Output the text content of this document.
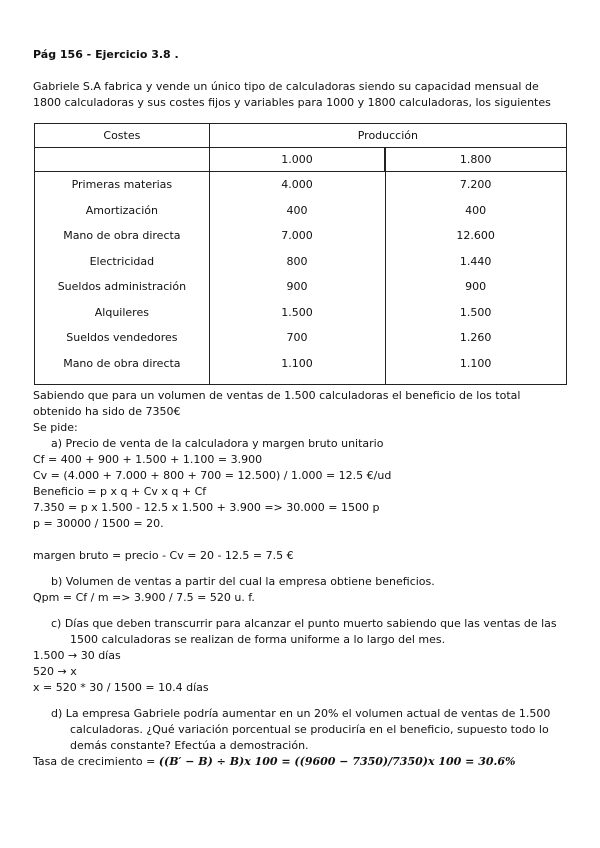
Pág 156 - Ejercicio 3.8 .
Gabriele S.A fabrica y vende un único tipo de calculadoras siendo su capacidad mensual de 1800 calculadoras y sus costes fijos y variables para 1000 y 1800 calculadoras, los siguientes
Costes	Producción	
	1.000	1.800
Primeras materias	4.000	7.200
Amortización	400	400
Mano de obra directa	7.000	12.600
Electricidad	800	1.440
Sueldos administración	900	900
Alquileres	1.500	1.500
Sueldos vendedores	700	1.260
Mano de obra directa	1.100	1.100
Sabiendo que para un volumen de ventas de 1.500 calculadoras el beneficio de los total obtenido ha sido de 7350€
Se pide:
a) Precio de venta de la calculadora y margen bruto unitario
Cf = 400 + 900 + 1.500 + 1.100 = 3.900
Cv = (4.000 + 7.000 + 800 + 700 = 12.500) / 1.000 = 12.5 €/ud
Beneficio = p x q + Cv x q + Cf
7.350 = p x 1.500 - 12.5 x 1.500 + 3.900 => 30.000 = 1500 p
p = 30000 / 1500 = 20.
margen bruto = precio - Cv = 20 - 12.5 = 7.5 €
b) Volumen de ventas a partir del cual la empresa obtiene beneficios.
Qpm = Cf / m => 3.900 / 7.5 = 520 u. f.
c) Días que deben transcurrir para alcanzar el punto muerto sabiendo que las ventas de las 1500 calculadoras se realizan de forma uniforme a lo largo del mes.
1.500 → 30 días
520 → x
x = 520 * 30 / 1500 = 10.4 días
d) La empresa Gabriele podría aumentar en un 20% el volumen actual de ventas de 1.500 calculadoras. ¿Qué variación porcentual se produciría en el beneficio, supuesto todo lo demás constante? Efectúa a demostración.
Tasa de crecimiento = ((B′ − B) ÷ B)x 100 = ((9600 − 7350)/7350)x 100 = 30.6%
